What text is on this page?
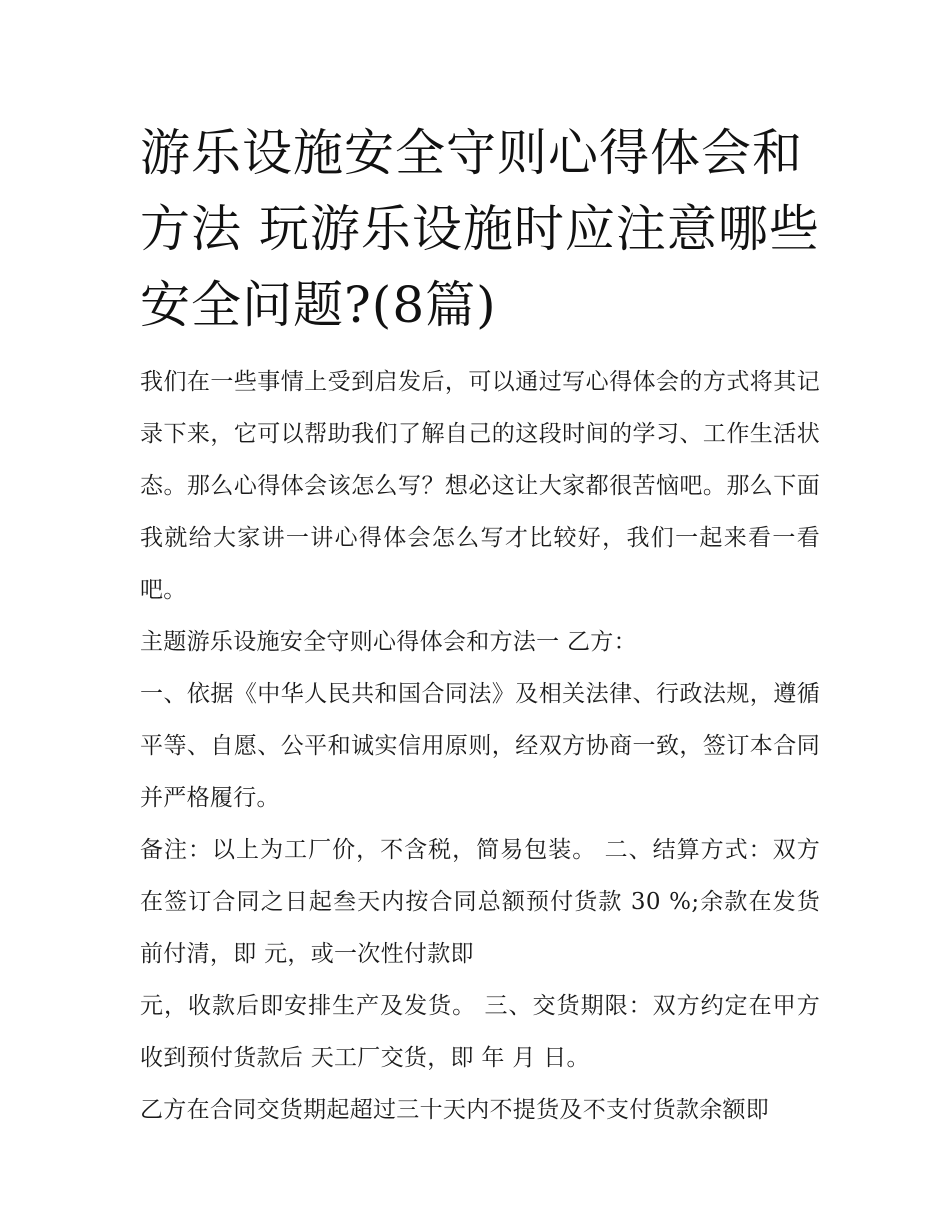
游乐设施安全守则心得体会和方法 玩游乐设施时应注意哪些安全问题?(8篇)

我们在一些事情上受到启发后，可以通过写心得体会的方式将其记录下来，它可以帮助我们了解自己的这段时间的学习、工作生活状态。那么心得体会该怎么写？想必这让大家都很苦恼吧。那么下面我就给大家讲一讲心得体会怎么写才比较好，我们一起来看一看吧。

主题游乐设施安全守则心得体会和方法一 乙方：

一、依据《中华人民共和国合同法》及相关法律、行政法规，遵循平等、自愿、公平和诚实信用原则，经双方协商一致，签订本合同并严格履行。

备注：以上为工厂价，不含税，简易包装。 二、结算方式：双方在签订合同之日起叁天内按合同总额预付货款 30 %;余款在发货前付清，即 元，或一次性付款即

元，收款后即安排生产及发货。 三、交货期限：双方约定在甲方收到预付货款后 天工厂交货，即 年 月 日。

乙方在合同交货期起超过三十天内不提货及不支付货款余额即
